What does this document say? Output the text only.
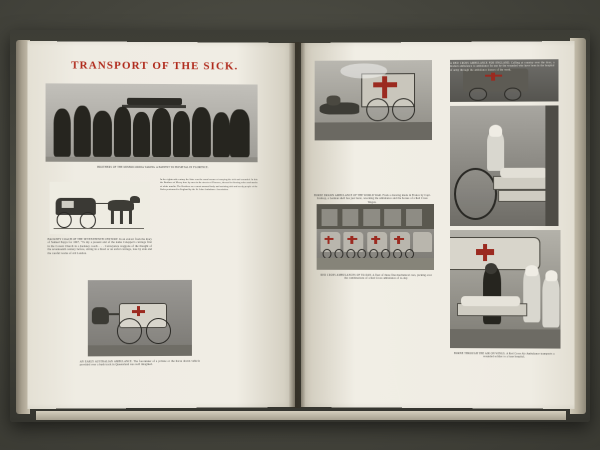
TRANSPORT OF THE SICK.
BROTHERS OF THE MISERICORDIA TAKING A PATIENT TO HOSPITAL IN FLORENCE.
In the eighteenth century the litter was the usual means of carrying the sick and wounded. In this the Brothers of Mercy bore by men in the streets of Florence, dressed in flowing robes and masks of white muslin. The Brothers are a most unusual body and assisting sick and needy people of the Order performed in England by the St. John Ambulance Association.
HACKNEY COACH OF THE SEVENTEENTH CENTURY. In an extract from the diary of Samuel Pepys for 1667, "To my a present and of the name Colepper's carriage first in the Covent Church in a hackney coach. . . . Conveyance waggons of the thought of the seventeenth century before, sitting in a hired or an awful carriage, lose by side and the careful works of old London.
AN EARLY AUSTRALIAN AMBULANCE. The forerunner of a private or the horse drawn vehicle provided over a bush track in Queensland was well imagined.
HORSE DRAWN AMBULANCE OF THE WORLD WAR. From a drawing made in France by Capt. Lindsay, a German shell has just burst, wrecking the ambulance and the horses of a Red Cross Wagon.
A RED CROSS AMBULANCE FOR ENGLAND. Calling at country over the door, a modern ambulance to ambulance for use by the wounded who have been in the hospital of army through the ambulance donors of the week.
RED CROSS AMBULANCES OF TO-DAY. A fleet of these fine mechanical cars, picking over the combinations of a Red Cross ambulance of to-day.
BORNE THROUGH THE AIR ON WINGS. A Red Cross Air Ambulance transports a wounded soldier to a base hospital.
